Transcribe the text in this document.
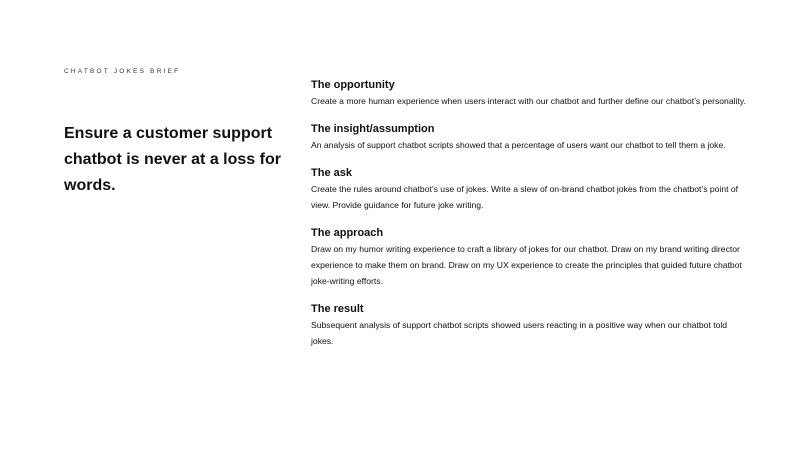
CHATBOT JOKES BRIEF
Ensure a customer support chatbot is never at a loss for words.

The opportunity

Create a more human experience when users interact with our chatbot and further define our chatbot’s personality.

The insight/assumption

An analysis of support chatbot scripts showed that a percentage of users want our chatbot to tell them a joke.

The ask

Create the rules around chatbot’s use of jokes. Write a slew of on-brand chatbot jokes from the chatbot’s point of view. Provide guidance for future joke writing.

The approach

Draw on my humor writing experience to craft a library of jokes for our chatbot. Draw on my brand writing director experience to make them on brand. Draw on my UX experience to create the principles that guided future chatbot joke-writing efforts.

The result

Subsequent analysis of support chatbot scripts showed users reacting in a positive way when our chatbot told jokes.
